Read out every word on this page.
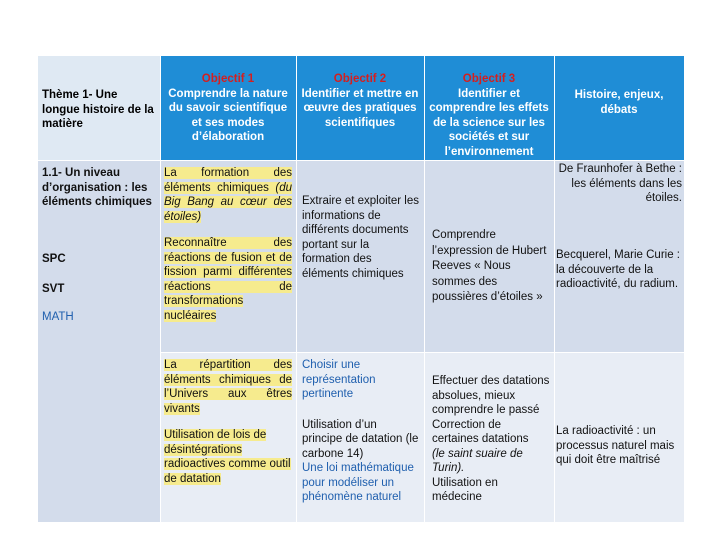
Thème 1- Une longue histoire de la matière
Objectif 1
Comprendre la nature du savoir scientifique et ses modes d’élaboration
Objectif 2
Identifier et mettre en œuvre des pratiques scientifiques
Objectif 3
Identifier et comprendre les effets de la science sur les sociétés et sur l’environnement
Histoire, enjeux, débats
1.1- Un niveau d’organisation : les éléments chimiques
SPC
SVT
MATH
La formation des éléments chimiques (du Big Bang au cœur des étoiles)
Reconnaître des réactions de fusion et de fission parmi différentes réactions de transformations nucléaires
La répartition des éléments chimiques de l’Univers aux êtres vivants
Utilisation de lois de désintégrations radioactives comme outil de datation
Extraire et exploiter les informations de différents documents portant sur la formation des éléments chimiques
Choisir une représentation pertinente
Utilisation d’un principe de datation (le carbone 14)
Une loi mathématique pour modéliser un phénomène naturel
Comprendre l’expression de Hubert Reeves « Nous sommes des poussières d’étoiles »
Effectuer des datations absolues, mieux comprendre le passé
Correction de certaines datations
(le saint suaire de Turin).
Utilisation en médecine
De Fraunhofer à Bethe : les éléments dans les étoiles.
Becquerel, Marie Curie : la découverte de la radioactivité, du radium.
La radioactivité : un processus naturel mais qui doit être maîtrisé
